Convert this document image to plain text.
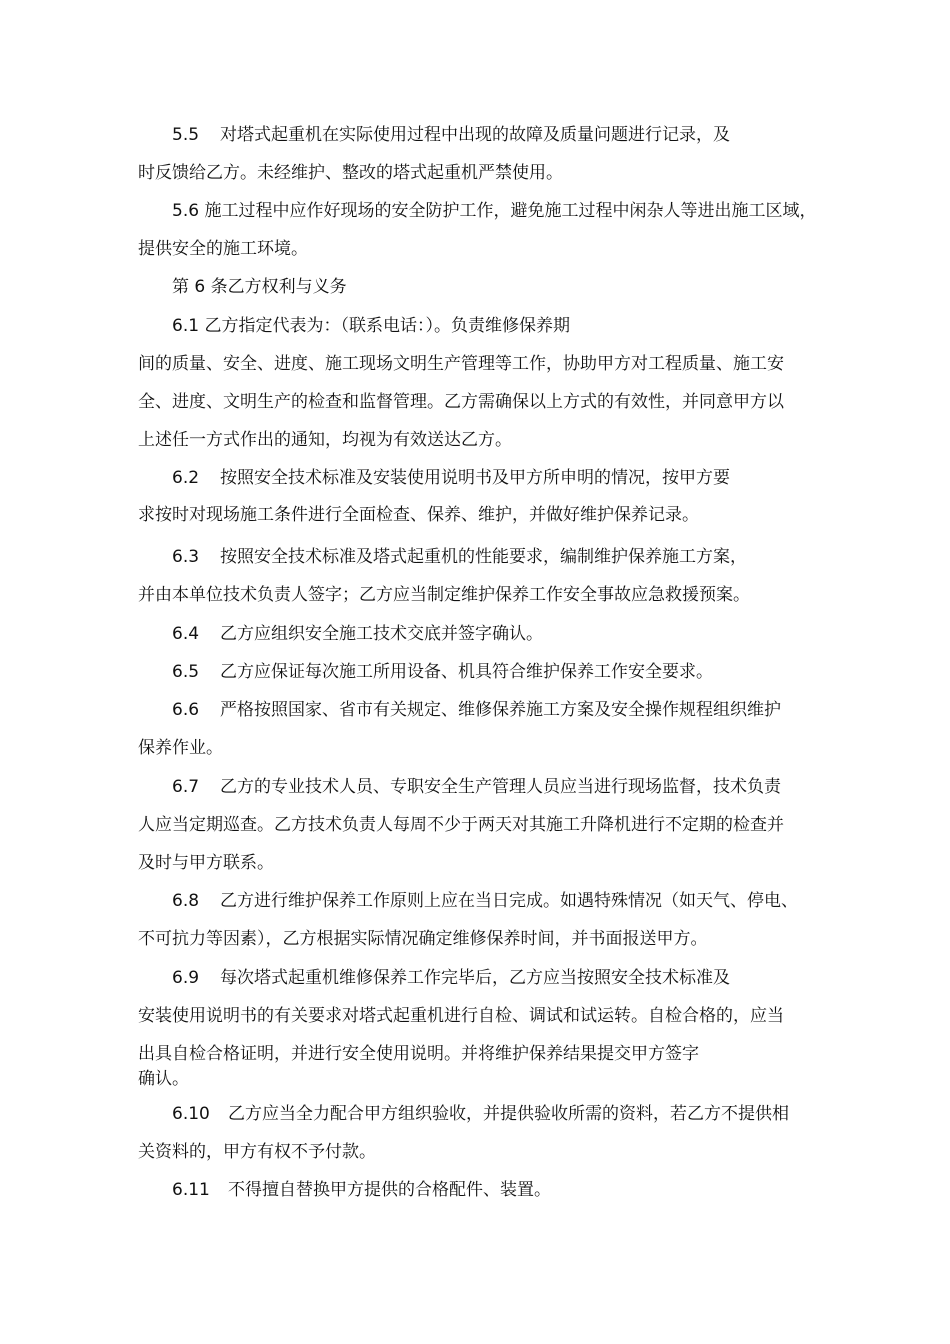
5.5 对塔式起重机在实际使用过程中出现的故障及质量问题进行记录，及
时反馈给乙方。未经维护、整改的塔式起重机严禁使用。
5.6 施工过程中应作好现场的安全防护工作，避免施工过程中闲杂人等进出施工区域，
提供安全的施工环境。
第 6 条乙方权利与义务
6.1 乙方指定代表为：（联系电话：）。负责维修保养期
间的质量、安全、进度、施工现场文明生产管理等工作，协助甲方对工程质量、施工安
全、进度、文明生产的检查和监督管理。乙方需确保以上方式的有效性，并同意甲方以
上述任一方式作出的通知，均视为有效送达乙方。
6.2 按照安全技术标准及安装使用说明书及甲方所申明的情况，按甲方要
求按时对现场施工条件进行全面检查、保养、维护，并做好维护保养记录。
6.3 按照安全技术标准及塔式起重机的性能要求，编制维护保养施工方案，
并由本单位技术负责人签字；乙方应当制定维护保养工作安全事故应急救援预案。
6.4 乙方应组织安全施工技术交底并签字确认。
6.5 乙方应保证每次施工所用设备、机具符合维护保养工作安全要求。
6.6 严格按照国家、省市有关规定、维修保养施工方案及安全操作规程组织维护
保养作业。
6.7 乙方的专业技术人员、专职安全生产管理人员应当进行现场监督，技术负责
人应当定期巡查。乙方技术负责人每周不少于两天对其施工升降机进行不定期的检查并
及时与甲方联系。
6.8 乙方进行维护保养工作原则上应在当日完成。如遇特殊情况（如天气、停电、
不可抗力等因素），乙方根据实际情况确定维修保养时间，并书面报送甲方。
6.9 每次塔式起重机维修保养工作完毕后，乙方应当按照安全技术标准及
安装使用说明书的有关要求对塔式起重机进行自检、调试和试运转。自检合格的，应当
出具自检合格证明，并进行安全使用说明。并将维护保养结果提交甲方签字
确认。
6.10 乙方应当全力配合甲方组织验收，并提供验收所需的资料，若乙方不提供相
关资料的，甲方有权不予付款。
6.11 不得擅自替换甲方提供的合格配件、装置。
